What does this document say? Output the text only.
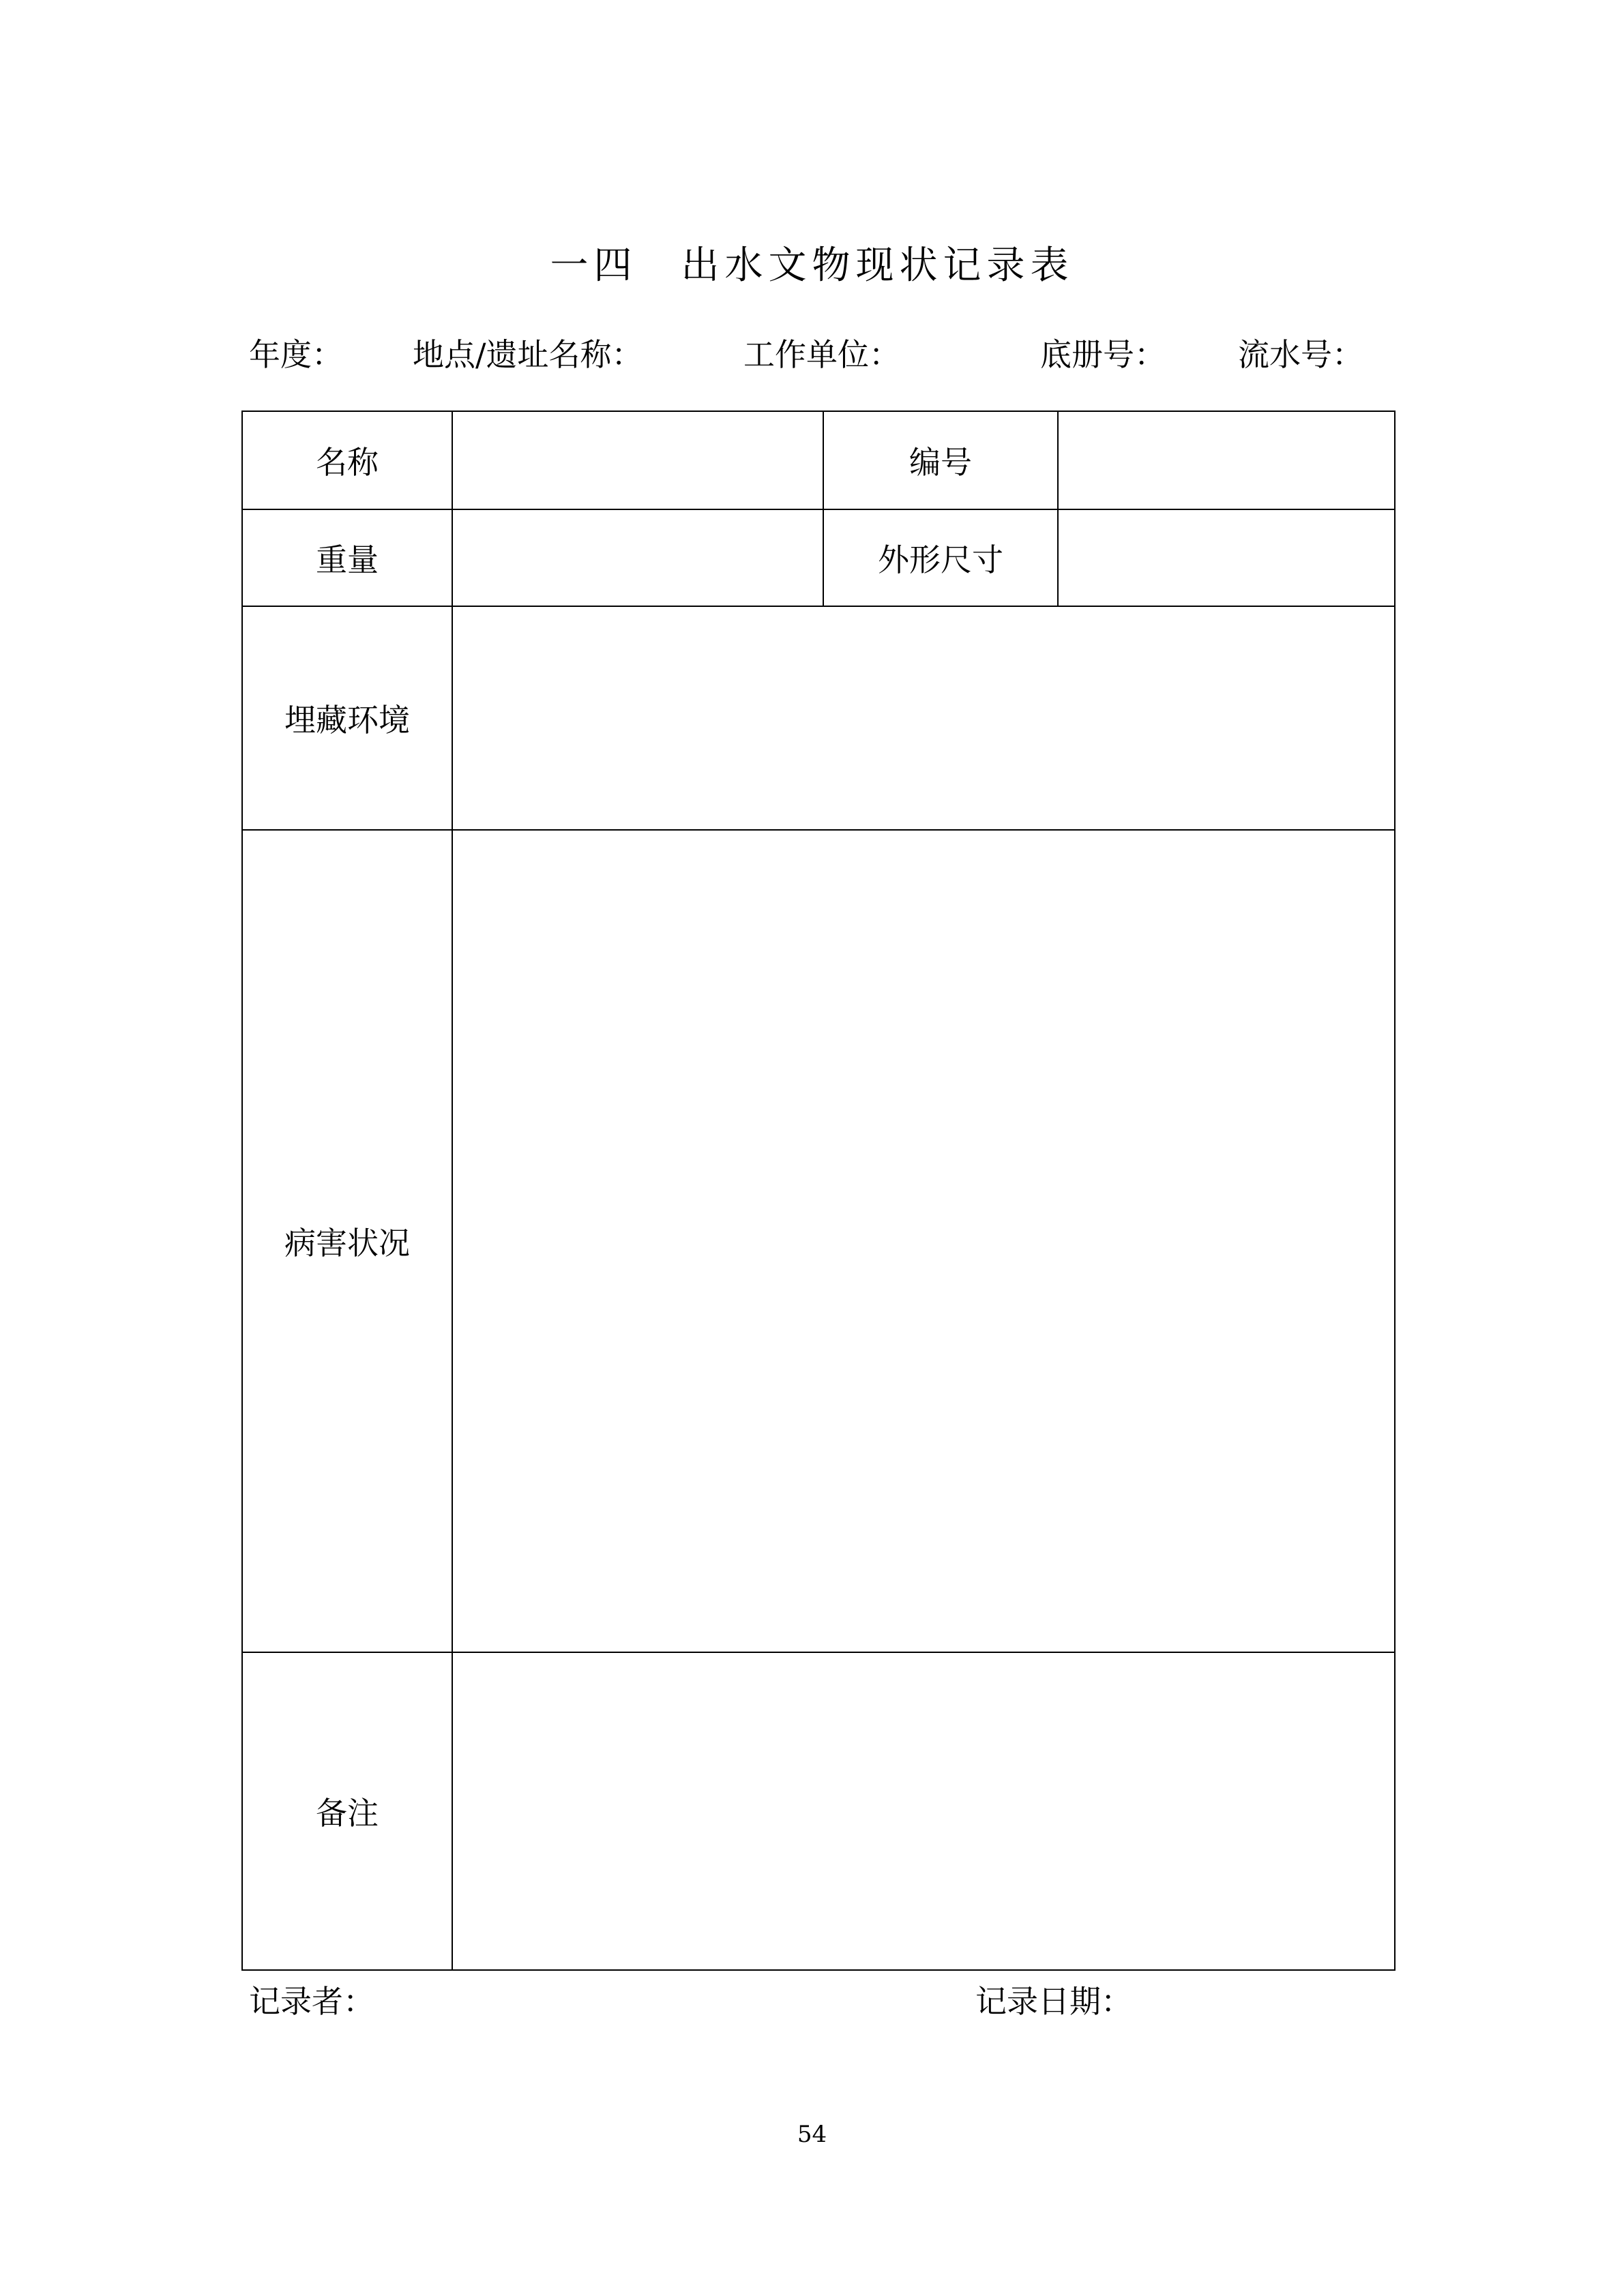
一四　出水文物现状记录表
年度： 地点/遗址名称：	工作单位：	底册号： 流水号：
名称		编号	
重量		外形尺寸	
埋藏环境			
病害状况			
备注			
记录者：	记录日期：
54
